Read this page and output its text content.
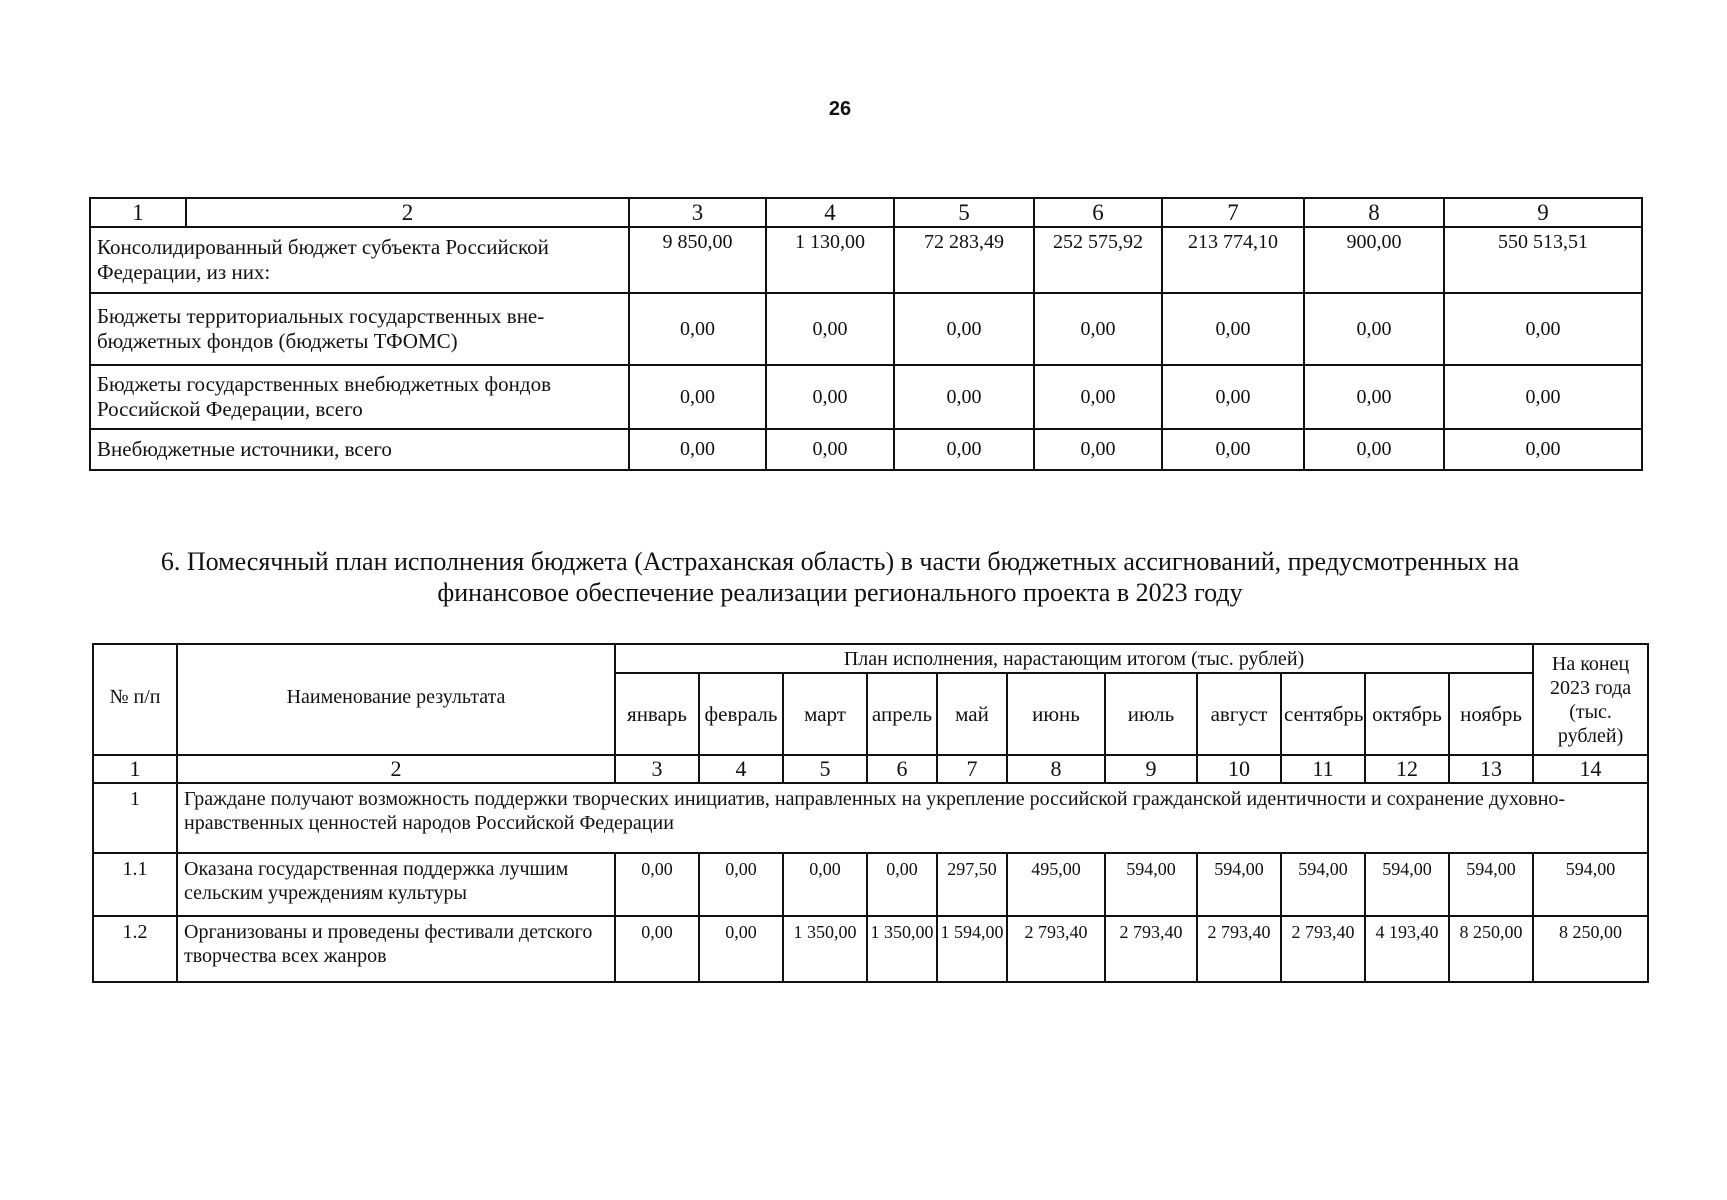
26
1	2	3	4	5	6	7	8	9
Консолидированный бюджет субъекта Российской Федерации, из них:		9 850,00	1 130,00	72 283,49	252 575,92	213 774,10	900,00	550 513,51
Бюджеты территориальных государственных вне-бюджетных фондов (бюджеты ТФОМС)		0,00	0,00	0,00	0,00	0,00	0,00	0,00
Бюджеты государственных внебюджетных фондов Российской Федерации, всего		0,00	0,00	0,00	0,00	0,00	0,00	0,00
Внебюджетные источники, всего		0,00	0,00	0,00	0,00	0,00	0,00	0,00
6. Помесячный план исполнения бюджета (Астраханская область) в части бюджетных ассигнований, предусмотренных на финансовое обеспечение реализации регионального проекта в 2023 году
№ п/п	Наименование результата	План исполнения, нарастающим итогом (тыс. рублей)											На конец 2023 года (тыс. рублей)
		январь	февраль	март	апрель	май	июнь	июль	август	сентябрь	октябрь	ноябрь	
1	2	3	4	5	6	7	8	9	10	11	12	13	14
1	Граждане получают возможность поддержки творческих инициатив, направленных на укрепление российской гражданской идентичности и сохранение духовно-нравственных ценностей народов Российской Федерации												
1.1	Оказана государственная поддержка лучшим сельским учреждениям культуры	0,00	0,00	0,00	0,00	297,50	495,00	594,00	594,00	594,00	594,00	594,00	594,00
1.2	Организованы и проведены фестивали детского творчества всех жанров	0,00	0,00	1 350,00	1 350,00	1 594,00	2 793,40	2 793,40	2 793,40	2 793,40	4 193,40	8 250,00	8 250,00
